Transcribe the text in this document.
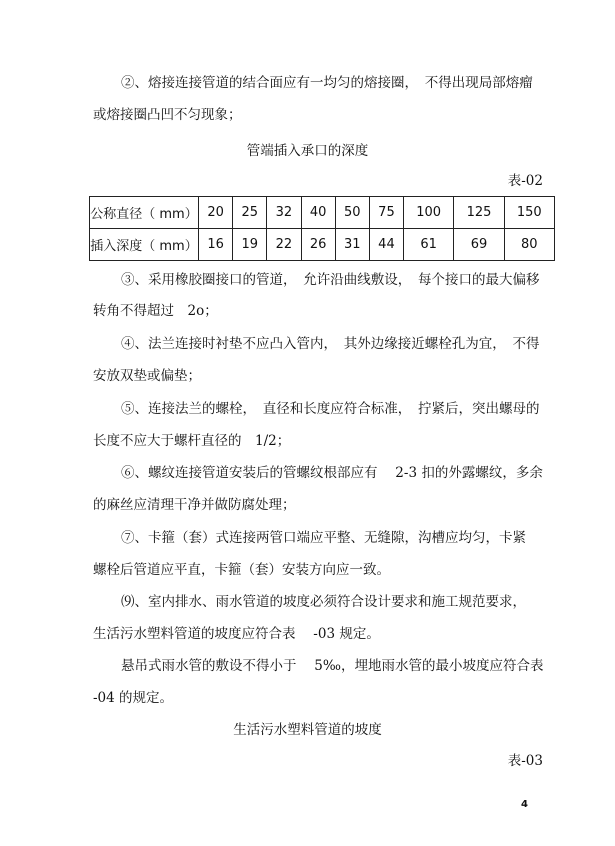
②、熔接连接管道的结合面应有一均匀的熔接圈，　不得出现局部熔瘤
或熔接圈凸凹不匀现象；
管端插入承口的深度
表-02
公称直径（ mm）	20	25	32	40	50	75	100	125	150
插入深度（ mm）	16	19	22	26	31	44	61	69	80
③、采用橡胶圈接口的管道，　允许沿曲线敷设，　每个接口的最大偏移
转角不得超过　2o；
④、法兰连接时衬垫不应凸入管内，　其外边缘接近螺栓孔为宜，　不得
安放双垫或偏垫；
⑤、连接法兰的螺栓，　直径和长度应符合标准，　拧紧后，突出螺母的
长度不应大于螺杆直径的　1/2；
⑥、螺纹连接管道安装后的管螺纹根部应有　 2-3 扣的外露螺纹，多余
的麻丝应清理干净并做防腐处理；
⑦、卡箍（套）式连接两管口端应平整、无缝隙，沟槽应均匀，卡紧
螺栓后管道应平直，卡箍（套）安装方向应一致。
⑼、室内排水、雨水管道的坡度必须符合设计要求和施工规范要求，
生活污水塑料管道的坡度应符合表　 -03 规定。
悬吊式雨水管的敷设不得小于　 5‰，埋地雨水管的最小坡度应符合表
-04 的规定。
生活污水塑料管道的坡度
表-03
4
